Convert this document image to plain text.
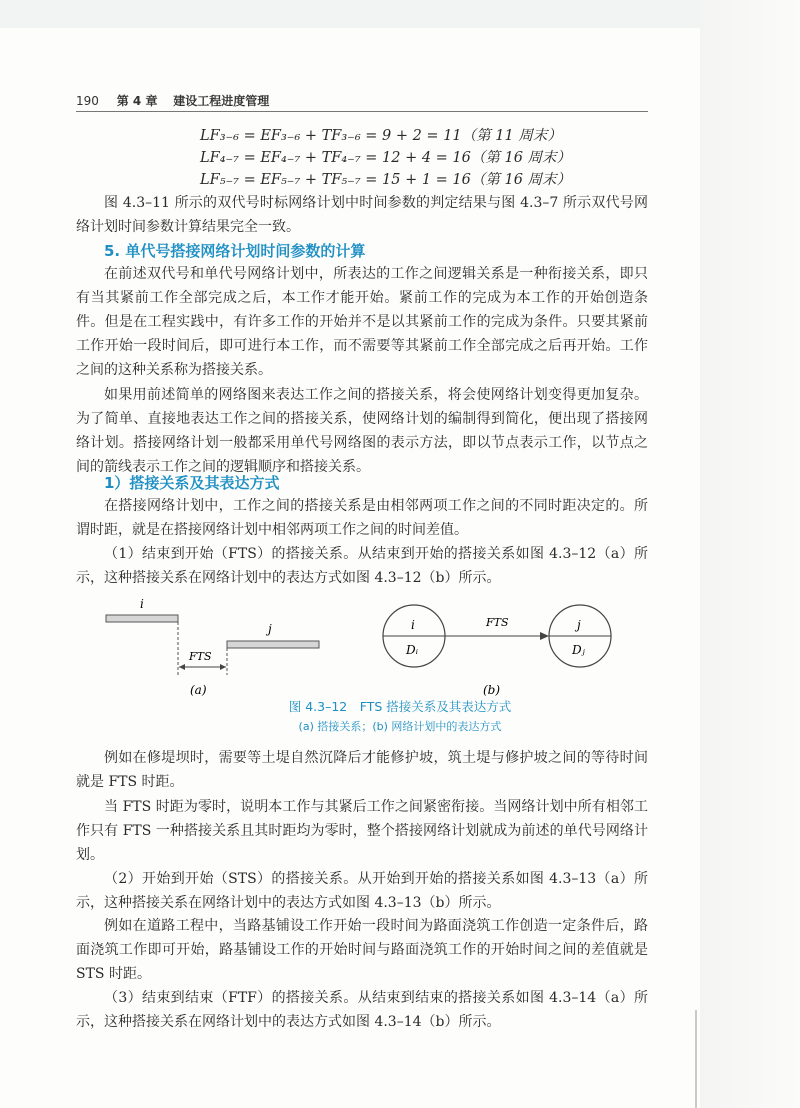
190 第 4 章 建设工程进度管理
LF₃₋₆ = EF₃₋₆ + TF₃₋₆ = 9 + 2 = 11（第 11 周末）
LF₄₋₇ = EF₄₋₇ + TF₄₋₇ = 12 + 4 = 16（第 16 周末）
LF₅₋₇ = EF₅₋₇ + TF₅₋₇ = 15 + 1 = 16（第 16 周末）

图 4.3–11 所示的双代号时标网络计划中时间参数的判定结果与图 4.3–7 所示双代号网络计划时间参数计算结果完全一致。

5. 单代号搭接网络计划时间参数的计算

在前述双代号和单代号网络计划中，所表达的工作之间逻辑关系是一种衔接关系，即只有当其紧前工作全部完成之后，本工作才能开始。紧前工作的完成为本工作的开始创造条件。但是在工程实践中，有许多工作的开始并不是以其紧前工作的完成为条件。只要其紧前工作开始一段时间后，即可进行本工作，而不需要等其紧前工作全部完成之后再开始。工作之间的这种关系称为搭接关系。

如果用前述简单的网络图来表达工作之间的搭接关系，将会使网络计划变得更加复杂。为了简单、直接地表达工作之间的搭接关系，使网络计划的编制得到简化，便出现了搭接网络计划。搭接网络计划一般都采用单代号网络图的表示方法，即以节点表示工作，以节点之间的箭线表示工作之间的逻辑顺序和搭接关系。

1）搭接关系及其表达方式

在搭接网络计划中，工作之间的搭接关系是由相邻两项工作之间的不同时距决定的。所谓时距，就是在搭接网络计划中相邻两项工作之间的时间差值。

（1）结束到开始（FTS）的搭接关系。从结束到开始的搭接关系如图 4.3–12（a）所示，这种搭接关系在网络计划中的表达方式如图 4.3–12（b）所示。

i
j
FTS
(a)
i
Dᵢ
FTS	j
Dⱼ
(b)
图 4.3–12　FTS 搭接关系及其表达方式
(a) 搭接关系；(b) 网络计划中的表达方式

例如在修堤坝时，需要等土堤自然沉降后才能修护坡，筑土堤与修护坡之间的等待时间就是 FTS 时距。

当 FTS 时距为零时，说明本工作与其紧后工作之间紧密衔接。当网络计划中所有相邻工作只有 FTS 一种搭接关系且其时距均为零时，整个搭接网络计划就成为前述的单代号网络计划。

（2）开始到开始（STS）的搭接关系。从开始到开始的搭接关系如图 4.3–13（a）所示，这种搭接关系在网络计划中的表达方式如图 4.3–13（b）所示。

例如在道路工程中，当路基铺设工作开始一段时间为路面浇筑工作创造一定条件后，路面浇筑工作即可开始，路基铺设工作的开始时间与路面浇筑工作的开始时间之间的差值就是 STS 时距。

（3）结束到结束（FTF）的搭接关系。从结束到结束的搭接关系如图 4.3–14（a）所示，这种搭接关系在网络计划中的表达方式如图 4.3–14（b）所示。
